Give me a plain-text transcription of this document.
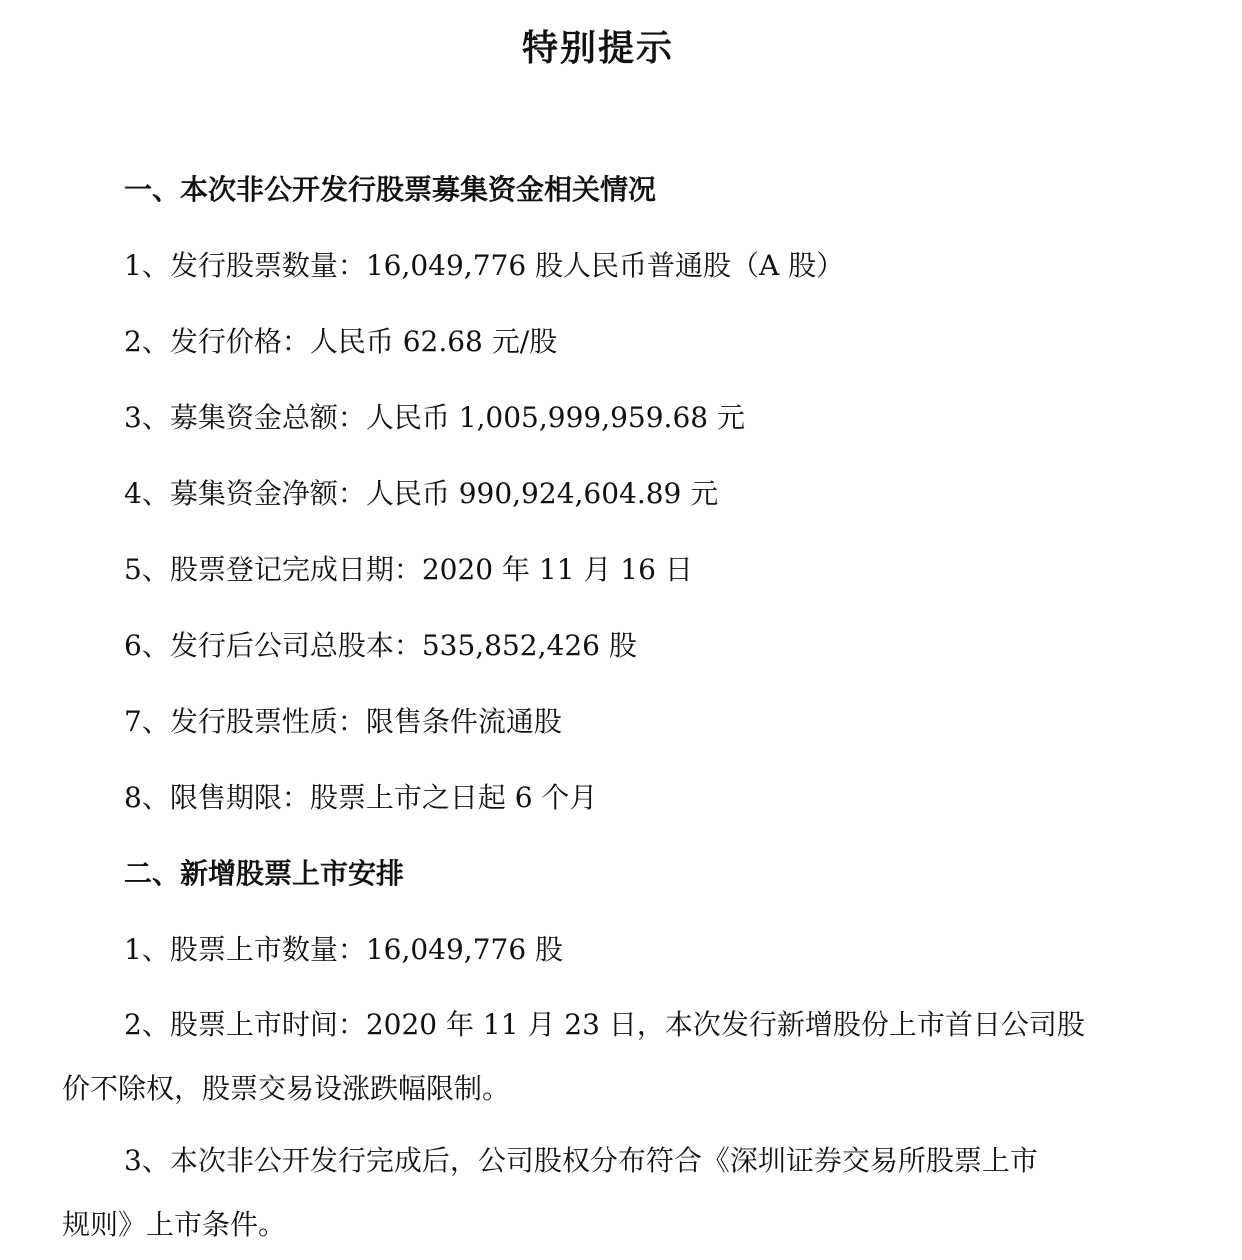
特别提示
一、本次非公开发行股票募集资金相关情况
1、发行股票数量：16,049,776 股人民币普通股（A 股）
2、发行价格：人民币 62.68 元/股
3、募集资金总额：人民币 1,005,999,959.68 元
4、募集资金净额：人民币 990,924,604.89 元
5、股票登记完成日期：2020 年 11 月 16 日
6、发行后公司总股本：535,852,426 股
7、发行股票性质：限售条件流通股
8、限售期限：股票上市之日起 6 个月
二、新增股票上市安排
1、股票上市数量：16,049,776 股
2、股票上市时间：2020 年 11 月 23 日，本次发行新增股份上市首日公司股
价不除权，股票交易设涨跌幅限制。
3、本次非公开发行完成后，公司股权分布符合《深圳证券交易所股票上市
规则》上市条件。
